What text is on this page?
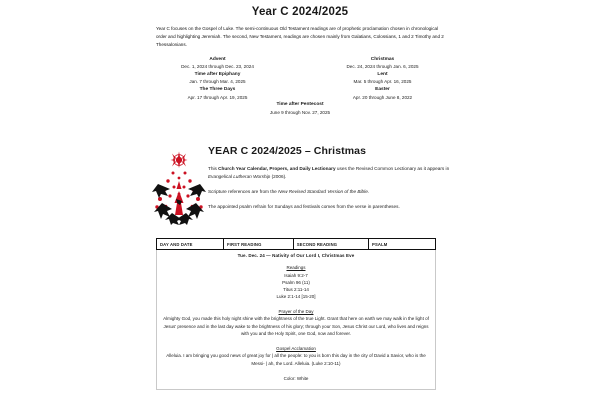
Year C 2024/2025
Year C focuses on the Gospel of Luke. The semi-continuous Old Testament readings are of prophetic proclamation chosen in chronological order and highlighting Jeremiah. The second, New Testament, readings are chosen mainly from Galatians, Colossians, 1 and 2 Timothy and 2 Thessalonians.
Advent
Dec. 1, 2024 through Dec. 23, 2024
Time after Epiphany
Jan. 7 through Mar. 4, 2025
The Three Days
Apr. 17 through Apr. 19, 2025
Christmas
Dec. 24, 2024 through Jan. 6, 2025
Lent
Mar. 5 through Apr. 16, 2025
Easter
Apr. 20 through June 8, 2022
Time after Pentecost
June 9 through Nov. 27, 2025
YEAR C 2024/2025 – Christmas
This Church Year Calendar, Propers, and Daily Lectionary uses the Revised Common Lectionary as it appears in Evangelical Lutheran Worship (2006).
Scripture references are from the New Revised Standard Version of the Bible.
The appointed psalm refrain for Sundays and festivals comes from the verse in parentheses.
DAY AND DATE	FIRST READING	SECOND READING	PSALM

Tue. Dec. 24 — Nativity of Our Lord I, Christmas Eve
Readings
Isaiah 9:2-7
Psalm 96 (11)
Titus 2:11-14
Luke 2:1-14 [15-20]
Prayer of the Day
Almighty God, you made this holy night shine with the brightness of the true Light. Grant that here on earth we may walk in the light of Jesus' presence and in the last day wake to the brightness of his glory; through your Son, Jesus Christ our Lord, who lives and reigns with you and the Holy Spirit, one God, now and forever.
Gospel Acclamation
Alleluia. I am bringing you good news of great joy for | all the people: to you is born this day in the city of David a Savior, who is the Messi- | ah, the Lord. Alleluia. (Luke 2:10-11)
Color: White
